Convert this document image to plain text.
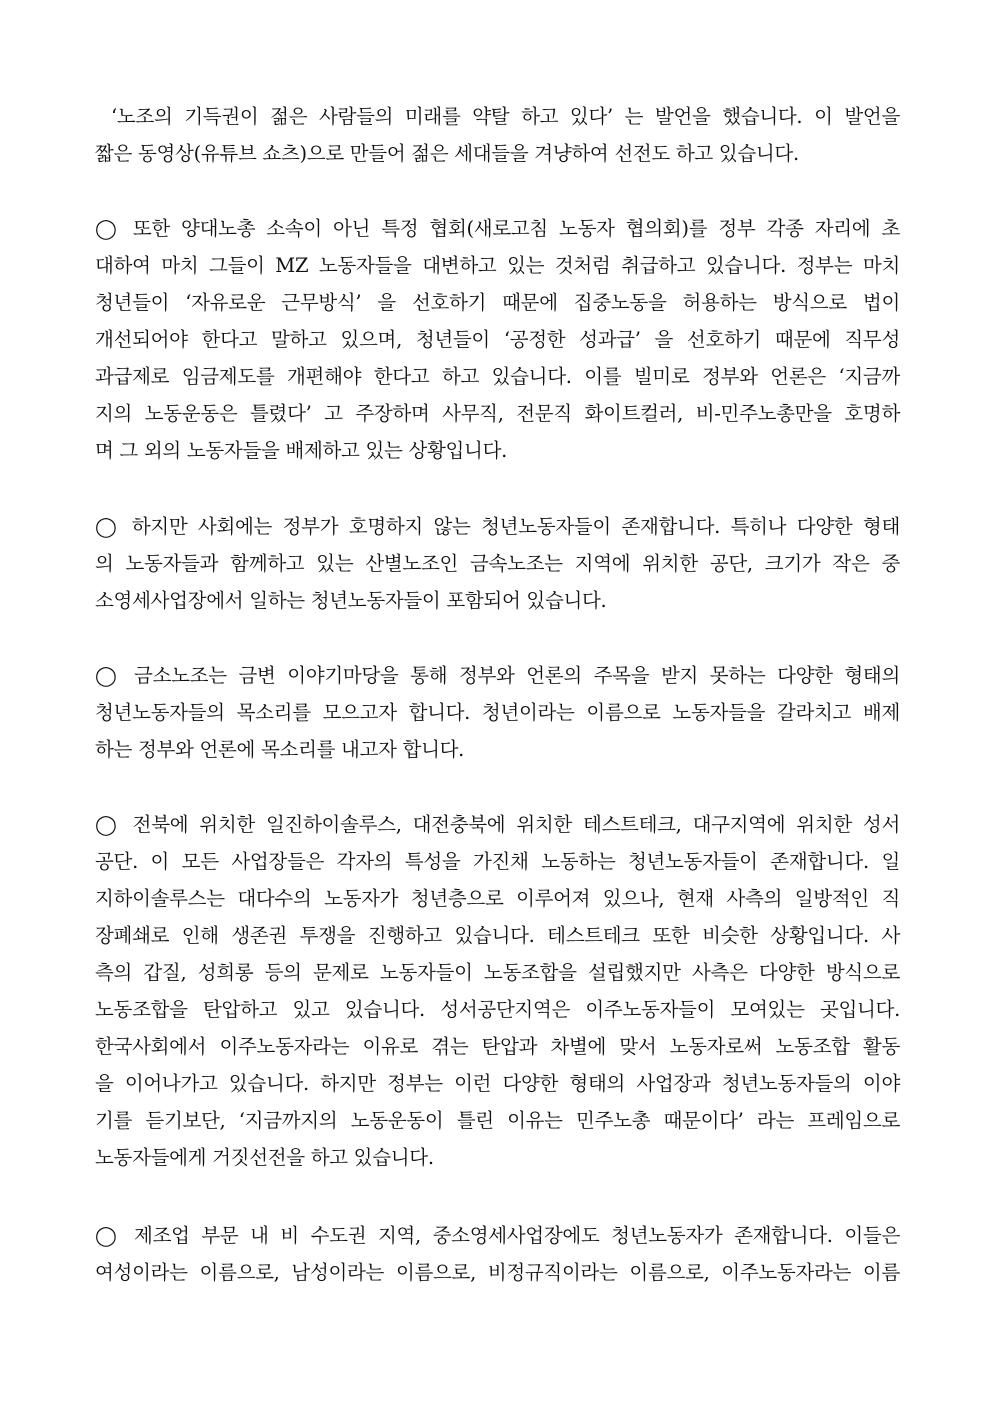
‘노조의 기득권이 젊은 사람들의 미래를 약탈 하고 있다’ 는 발언을 했습니다. 이 발언을
짧은 동영상(유튜브 쇼츠)으로 만들어 젊은 세대들을 겨냥하여 선전도 하고 있습니다.
◯ 또한 양대노총 소속이 아닌 특정 협회(새로고침 노동자 협의회)를 정부 각종 자리에 초
대하여 마치 그들이 MZ 노동자들을 대변하고 있는 것처럼 취급하고 있습니다. 정부는 마치
청년들이 ‘자유로운 근무방식’ 을 선호하기 때문에 집중노동을 허용하는 방식으로 법이
개선되어야 한다고 말하고 있으며, 청년들이 ‘공정한 성과급’ 을 선호하기 때문에 직무성
과급제로 임금제도를 개편해야 한다고 하고 있습니다. 이를 빌미로 정부와 언론은 ‘지금까
지의 노동운동은 틀렸다’ 고 주장하며 사무직, 전문직 화이트컬러, 비-민주노총만을 호명하
며 그 외의 노동자들을 배제하고 있는 상황입니다.
◯ 하지만 사회에는 정부가 호명하지 않는 청년노동자들이 존재합니다. 특히나 다양한 형태
의 노동자들과 함께하고 있는 산별노조인 금속노조는 지역에 위치한 공단, 크기가 작은 중
소영세사업장에서 일하는 청년노동자들이 포함되어 있습니다.
◯ 금소노조는 금변 이야기마당을 통해 정부와 언론의 주목을 받지 못하는 다양한 형태의
청년노동자들의 목소리를 모으고자 합니다. 청년이라는 이름으로 노동자들을 갈라치고 배제
하는 정부와 언론에 목소리를 내고자 합니다.
◯ 전북에 위치한 일진하이솔루스, 대전충북에 위치한 테스트테크, 대구지역에 위치한 성서
공단. 이 모든 사업장들은 각자의 특성을 가진채 노동하는 청년노동자들이 존재합니다. 일
지하이솔루스는 대다수의 노동자가 청년층으로 이루어져 있으나, 현재 사측의 일방적인 직
장폐쇄로 인해 생존권 투쟁을 진행하고 있습니다. 테스트테크 또한 비슷한 상황입니다. 사
측의 갑질, 성희롱 등의 문제로 노동자들이 노동조합을 설립했지만 사측은 다양한 방식으로
노동조합을 탄압하고 있고 있습니다. 성서공단지역은 이주노동자들이 모여있는 곳입니다.
한국사회에서 이주노동자라는 이유로 겪는 탄압과 차별에 맞서 노동자로써 노동조합 활동
을 이어나가고 있습니다. 하지만 정부는 이런 다양한 형태의 사업장과 청년노동자들의 이야
기를 듣기보단, ‘지금까지의 노동운동이 틀린 이유는 민주노총 때문이다’ 라는 프레임으로
노동자들에게 거짓선전을 하고 있습니다.
◯ 제조업 부문 내 비 수도권 지역, 중소영세사업장에도 청년노동자가 존재합니다. 이들은
여성이라는 이름으로, 남성이라는 이름으로, 비정규직이라는 이름으로, 이주노동자라는 이름
